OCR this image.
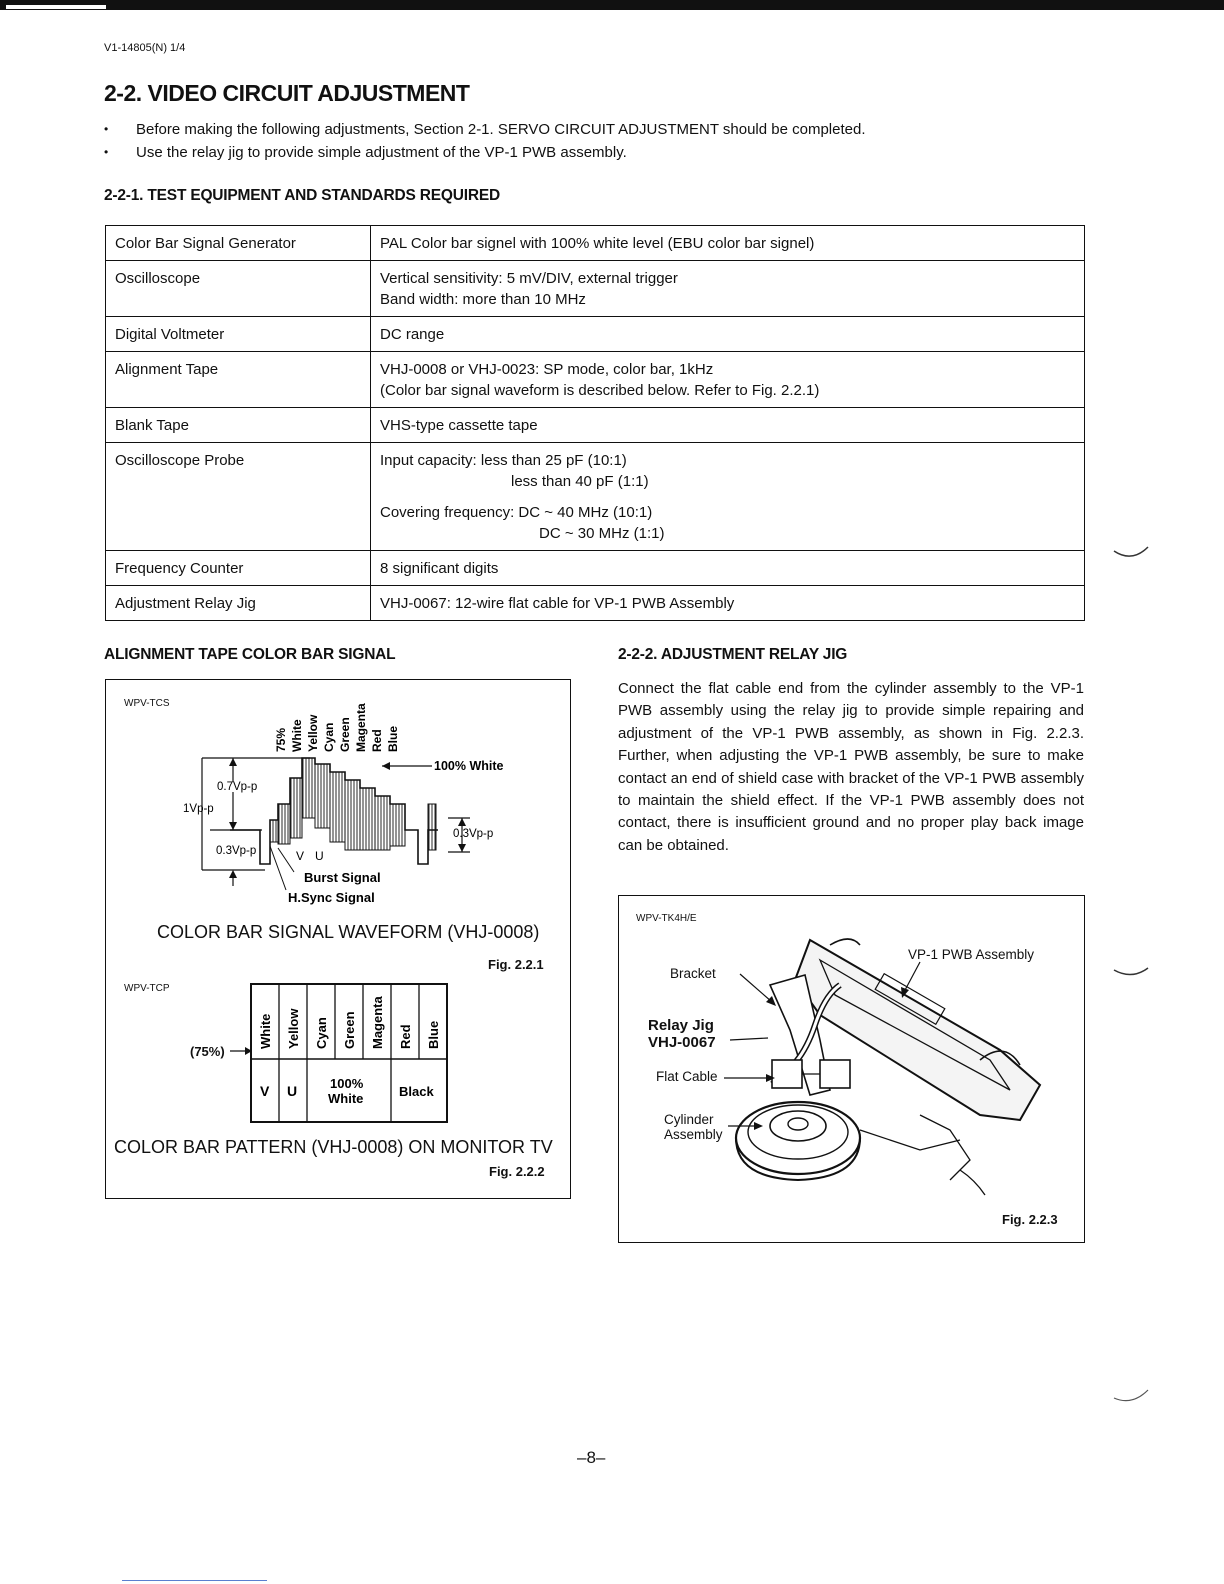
V1-14805(N) 1/4
2-2. VIDEO CIRCUIT ADJUSTMENT
• Before making the following adjustments, Section 2-1. SERVO CIRCUIT ADJUSTMENT should be completed.
• Use the relay jig to provide simple adjustment of the VP-1 PWB assembly.
2-2-1. TEST EQUIPMENT AND STANDARDS REQUIRED
Color Bar Signal Generator	PAL Color bar signel with 100% white level (EBU color bar signel)

Oscilloscope	Vertical sensitivity: 5 mV/DIV, external trigger
Band width: more than 10 MHz

Digital Voltmeter	DC range

Alignment Tape	VHJ-0008 or VHJ-0023: SP mode, color bar, 1kHz
(Color bar signal waveform is described below. Refer to Fig. 2.2.1)

Blank Tape	VHS-type cassette tape

Oscilloscope Probe	Input capacity: less than 25 pF (10:1)
less than 40 pF (1:1)
Covering frequency: DC ~ 40 MHz (10:1)
DC ~ 30 MHz (1:1)

Frequency Counter	8 significant digits

Adjustment Relay Jig	VHJ-0067: 12-wire flat cable for VP-1 PWB Assembly
ALIGNMENT TAPE COLOR BAR SIGNAL
WPV-TCS
75% White Yellow Cyan Green Magenta Red Blue
0.7Vp-p
1Vp-p
0.3Vp-p
100% White
0.3Vp-p
V U
Burst Signal
H.Sync Signal
COLOR BAR SIGNAL WAVEFORM (VHJ-0008)
Fig. 2.2.1
WPV-TCP
White Yellow Cyan Green Magenta Red Blue
V U	100%
White	Black
(75%)
COLOR BAR PATTERN (VHJ-0008) ON MONITOR TV
Fig. 2.2.2
2-2-2. ADJUSTMENT RELAY JIG

Connect the flat cable end from the cylinder assembly to the VP-1 PWB assembly using the relay jig to provide simple repairing and adjustment of the VP-1 PWB assembly, as shown in Fig. 2.2.3. Further, when adjusting the VP-1 PWB assembly, be sure to make contact an end of shield case with bracket of the VP-1 PWB assembly to maintain the shield effect. If the VP-1 PWB assembly does not contact, there is insufficient ground and no proper play back image can be obtained.

WPV-TK4H/E
VP-1 PWB Assembly
Bracket
Relay Jig
VHJ-0067
Flat Cable
Cylinder
Assembly
Fig. 2.2.3
–8–
